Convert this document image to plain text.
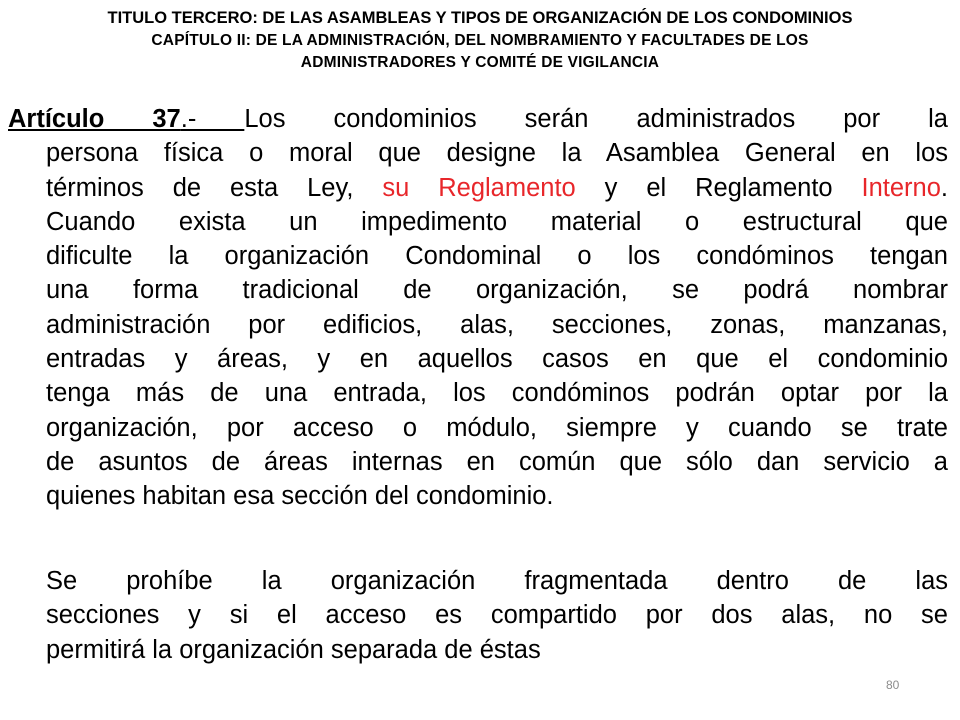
TITULO TERCERO: DE LAS ASAMBLEAS Y TIPOS DE ORGANIZACIÓN DE LOS CONDOMINIOS
CAPÍTULO II: DE LA ADMINISTRACIÓN, DEL NOMBRAMIENTO Y FACULTADES DE LOS
ADMINISTRADORES Y COMITÉ DE VIGILANCIA
Artículo 37.- Los condominios serán administrados por la
persona física o moral que designe la Asamblea General en los
términos de esta Ley, su Reglamento y el Reglamento Interno.
Cuando exista un impedimento material o estructural que
dificulte la organización Condominal o los condóminos tengan
una forma tradicional de organización, se podrá nombrar
administración por edificios, alas, secciones, zonas, manzanas,
entradas y áreas, y en aquellos casos en que el condominio
tenga más de una entrada, los condóminos podrán optar por la
organización, por acceso o módulo, siempre y cuando se trate
de asuntos de áreas internas en común que sólo dan servicio a
quienes habitan esa sección del condominio.
Se prohíbe la organización fragmentada dentro de las
secciones y si el acceso es compartido por dos alas, no se
permitirá la organización separada de éstas
80
